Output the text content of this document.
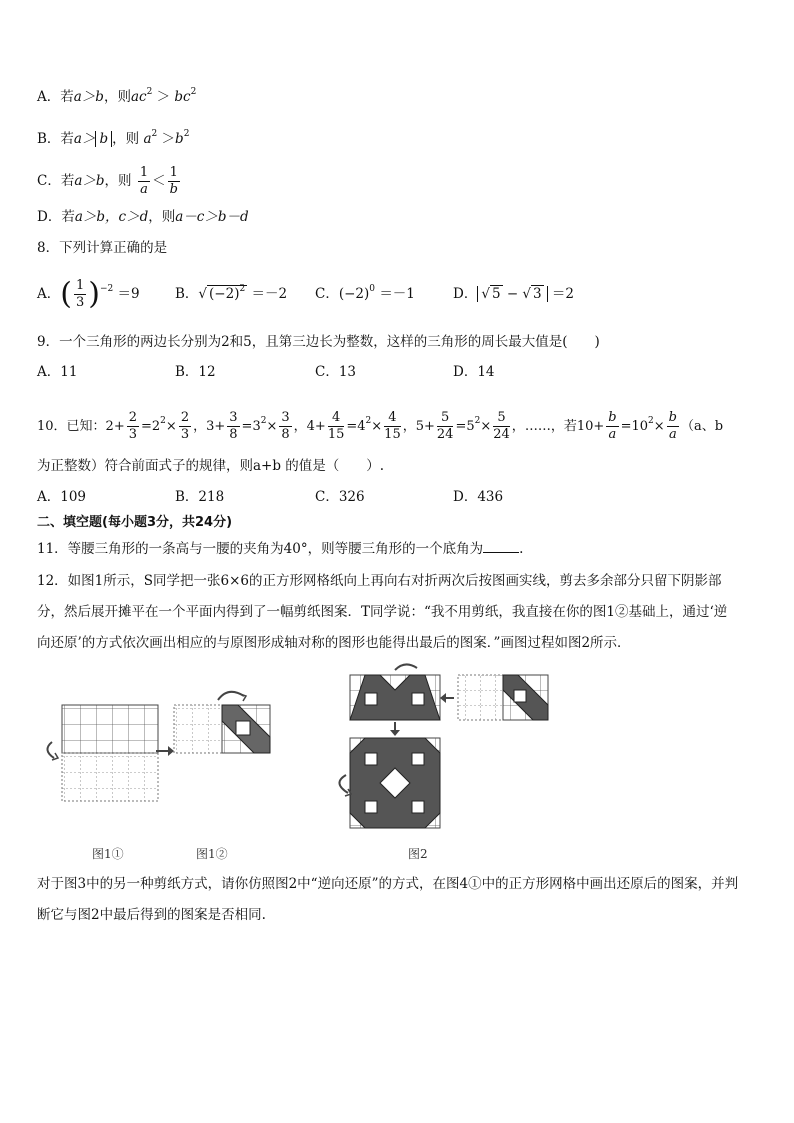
A．若a＞b，则$ac^2 > bc^2$
B．若a＞ b ，则 $a^2 >b^2$
C．若a＞b，则 $\frac{1}{a} < \frac{1}{b}$
D．若a＞b，c＞d，则a－c＞b－d
8．下列计算正确的是
A．( $\frac{1}{3} )^{-2} =9$	B．√ $(-2)^2 =-2$ C．$(-2)^0 =-1$	D． √ 5 − √ 3 ＝2
9．一个三角形的两边长分别为2和5，且第三边长为整数，这样的三角形的周长最大值是(　　)
A．11	B．12	C．13	D．14
10．已知：$2+ \frac{2}{3} =2^2\times \frac{2}{3}$ ，$3+ \frac{3}{8} =3^2\times \frac{3}{8}$ ，$4+ \frac{4}{15} =4^2\times \frac{4}{15}$ ，$5+ \frac{5}{24} =5^2\times \frac{5}{24}$ ，……，若$10+ \frac{b}{a} =10^2\times \frac{b}{a} (a$、b
为正整数）符合前面式子的规律，则a+b 的值是（　　）.
A．109	B．218	C．326	D．436
二、填空题(每小题3分，共24分)
11．等腰三角形的一条高与一腰的夹角为40°，则等腰三角形的一个底角为	.
12．如图1所示，S同学把一张6×6的正方形网格纸向上再向右对折两次后按图画实线，剪去多余部分只留下阴影部
分，然后展开摊平在一个平面内得到了一幅剪纸图案．T同学说：“我不用剪纸，我直接在你的图1②基础上，通过‘逆
向还原’的方式依次画出相应的与原图形成轴对称的图形也能得出最后的图案．”画图过程如图2所示．
图1①	图1②	图2
对于图3中的另一种剪纸方式，请你仿照图2中“逆向还原”的方式，在图4①中的正方形网格中画出还原后的图案，并判
断它与图2中最后得到的图案是否相同.
